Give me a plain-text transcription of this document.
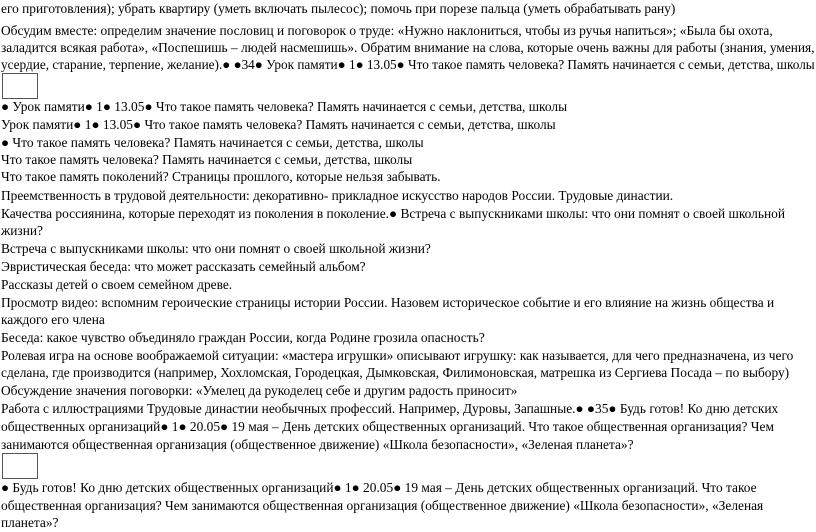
его приготовления); убрать квартиру (уметь включать пылесос); помочь при порезе пальца (уметь обрабатывать рану)
Обсудим вместе: определим значение пословиц и поговорок о труде: «Нужно наклониться, чтобы из ручья напиться»; «Была бы охота,
заладится всякая работа», «Поспешишь – людей насмешишь». Обратим внимание на слова, которые очень важны для работы (знания, умения,
усердие, старание, терпение, желание).● ●34● Урок памяти● 1● 13.05● Что такое память человека? Память начинается с семьи, детства, школы
● Урок памяти● 1● 13.05● Что такое память человека? Память начинается с семьи, детства, школы
Урок памяти● 1● 13.05● Что такое память человека? Память начинается с семьи, детства, школы
● Что такое память человека? Память начинается с семьи, детства, школы
Что такое память человека? Память начинается с семьи, детства, школы
Что такое память поколений? Страницы прошлого, которые нельзя забывать.
Преемственность в трудовой деятельности: декоративно- прикладное искусство народов России. Трудовые династии.
Качества россиянина, которые переходят из поколения в поколение.● Встреча с выпускниками школы: что они помнят о своей школьной
жизни?
Встреча с выпускниками школы: что они помнят о своей школьной жизни?
Эвристическая беседа: что может рассказать семейный альбом?
Рассказы детей о своем семейном древе.
Просмотр видео: вспомним героические страницы истории России. Назовем историческое событие и его влияние на жизнь общества и
каждого его члена
Беседа: какое чувство объединяло граждан России, когда Родине грозила опасность?
Ролевая игра на основе воображаемой ситуации: «мастера игрушки» описывают игрушку: как называется, для чего предназначена, из чего
сделана, где производится (например, Хохломская, Городецкая, Дымковская, Филимоновская, матрешка из Сергиева Посада – по выбору)
Обсуждение значения поговорки: «Умелец да рукоделец себе и другим радость приносит»
Работа с иллюстрациями Трудовые династии необычных профессий. Например, Дуровы, Запашные.● ●35● Будь готов! Ко дню детских
общественных организаций● 1● 20.05● 19 мая – День детских общественных организаций. Что такое общественная организация? Чем
занимаются общественная организация (общественное движение) «Школа безопасности», «Зеленая планета»?
● Будь готов! Ко дню детских общественных организаций● 1● 20.05● 19 мая – День детских общественных организаций. Что такое
общественная организация? Чем занимаются общественная организация (общественное движение) «Школа безопасности», «Зеленая
планета»?
